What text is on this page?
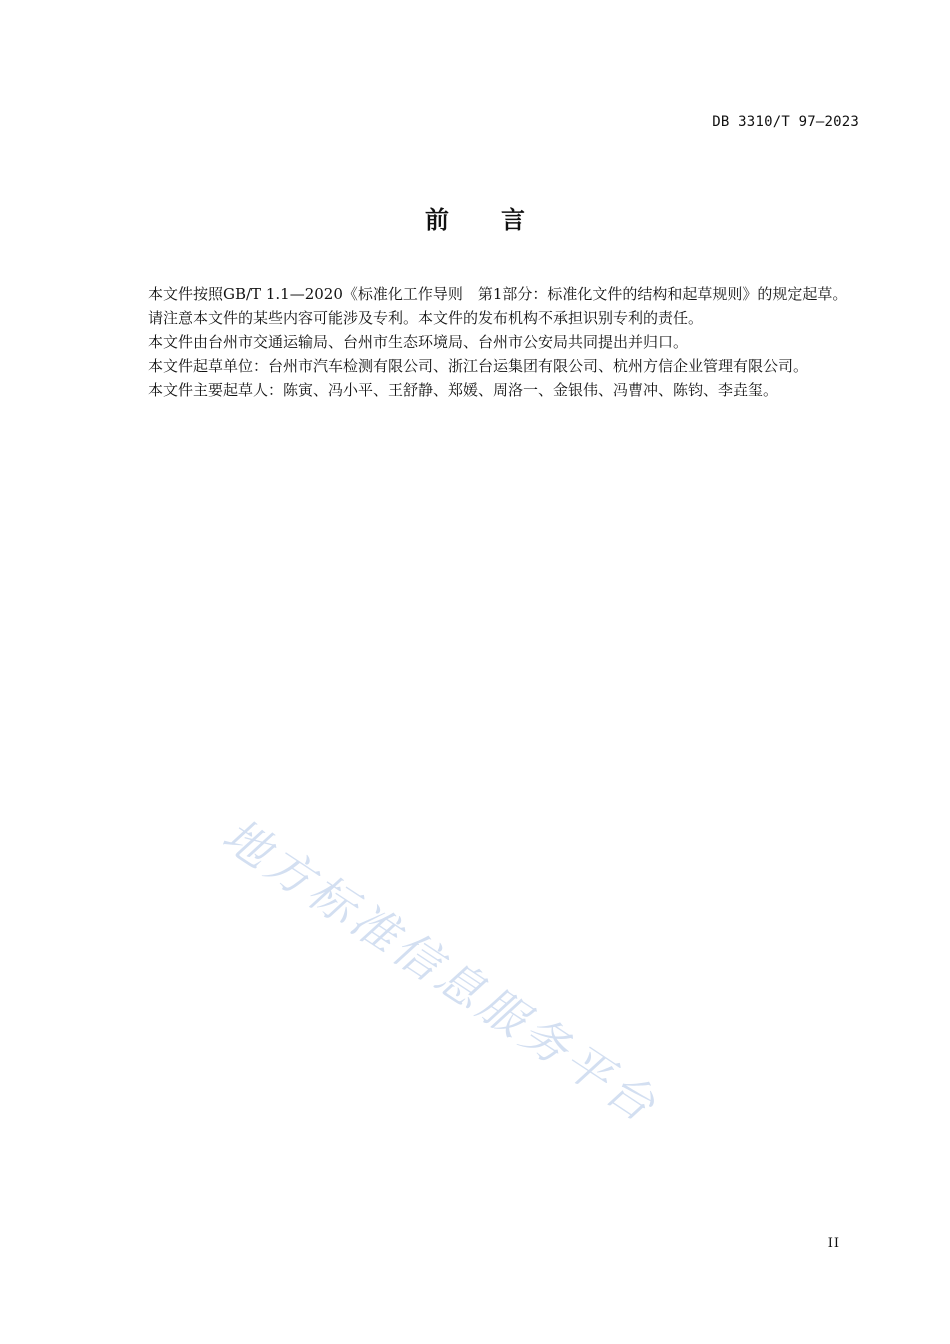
DB 3310/T 97—2023
前 言

本文件按照GB/T 1.1—2020《标准化工作导则　第1部分：标准化文件的结构和起草规则》的规定起草。

请注意本文件的某些内容可能涉及专利。本文件的发布机构不承担识别专利的责任。

本文件由台州市交通运输局、台州市生态环境局、台州市公安局共同提出并归口。

本文件起草单位：台州市汽车检测有限公司、浙江台运集团有限公司、杭州方信企业管理有限公司。

本文件主要起草人：陈寅、冯小平、王舒静、郑媛、周洛一、金银伟、冯曹冲、陈钧、李垚玺。

地方标准信息服务平台
II
